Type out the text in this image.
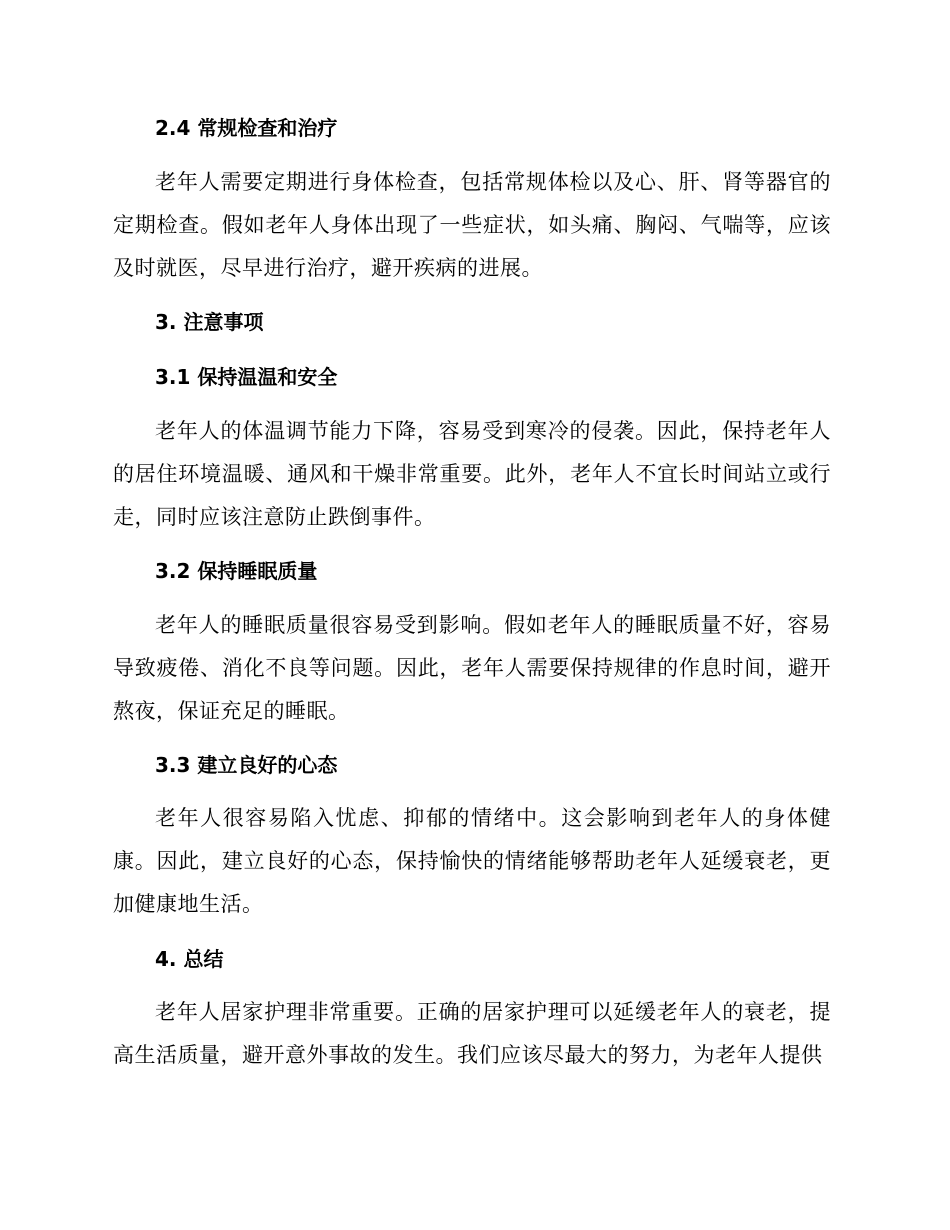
2.4 常规检查和治疗
老年人需要定期进行身体检查，包括常规体检以及心、肝、肾等器官的定期检查。假如老年人身体出现了一些症状，如头痛、胸闷、气喘等，应该及时就医，尽早进行治疗，避开疾病的进展。
3. 注意事项
3.1 保持温温和安全
老年人的体温调节能力下降，容易受到寒冷的侵袭。因此，保持老年人的居住环境温暖、通风和干燥非常重要。此外，老年人不宜长时间站立或行走，同时应该注意防止跌倒事件。
3.2 保持睡眠质量
老年人的睡眠质量很容易受到影响。假如老年人的睡眠质量不好，容易导致疲倦、消化不良等问题。因此，老年人需要保持规律的作息时间，避开熬夜，保证充足的睡眠。
3.3 建立良好的心态
老年人很容易陷入忧虑、抑郁的情绪中。这会影响到老年人的身体健康。因此，建立良好的心态，保持愉快的情绪能够帮助老年人延缓衰老，更加健康地生活。
4. 总结
老年人居家护理非常重要。正确的居家护理可以延缓老年人的衰老，提高生活质量，避开意外事故的发生。我们应该尽最大的努力，为老年人提供
